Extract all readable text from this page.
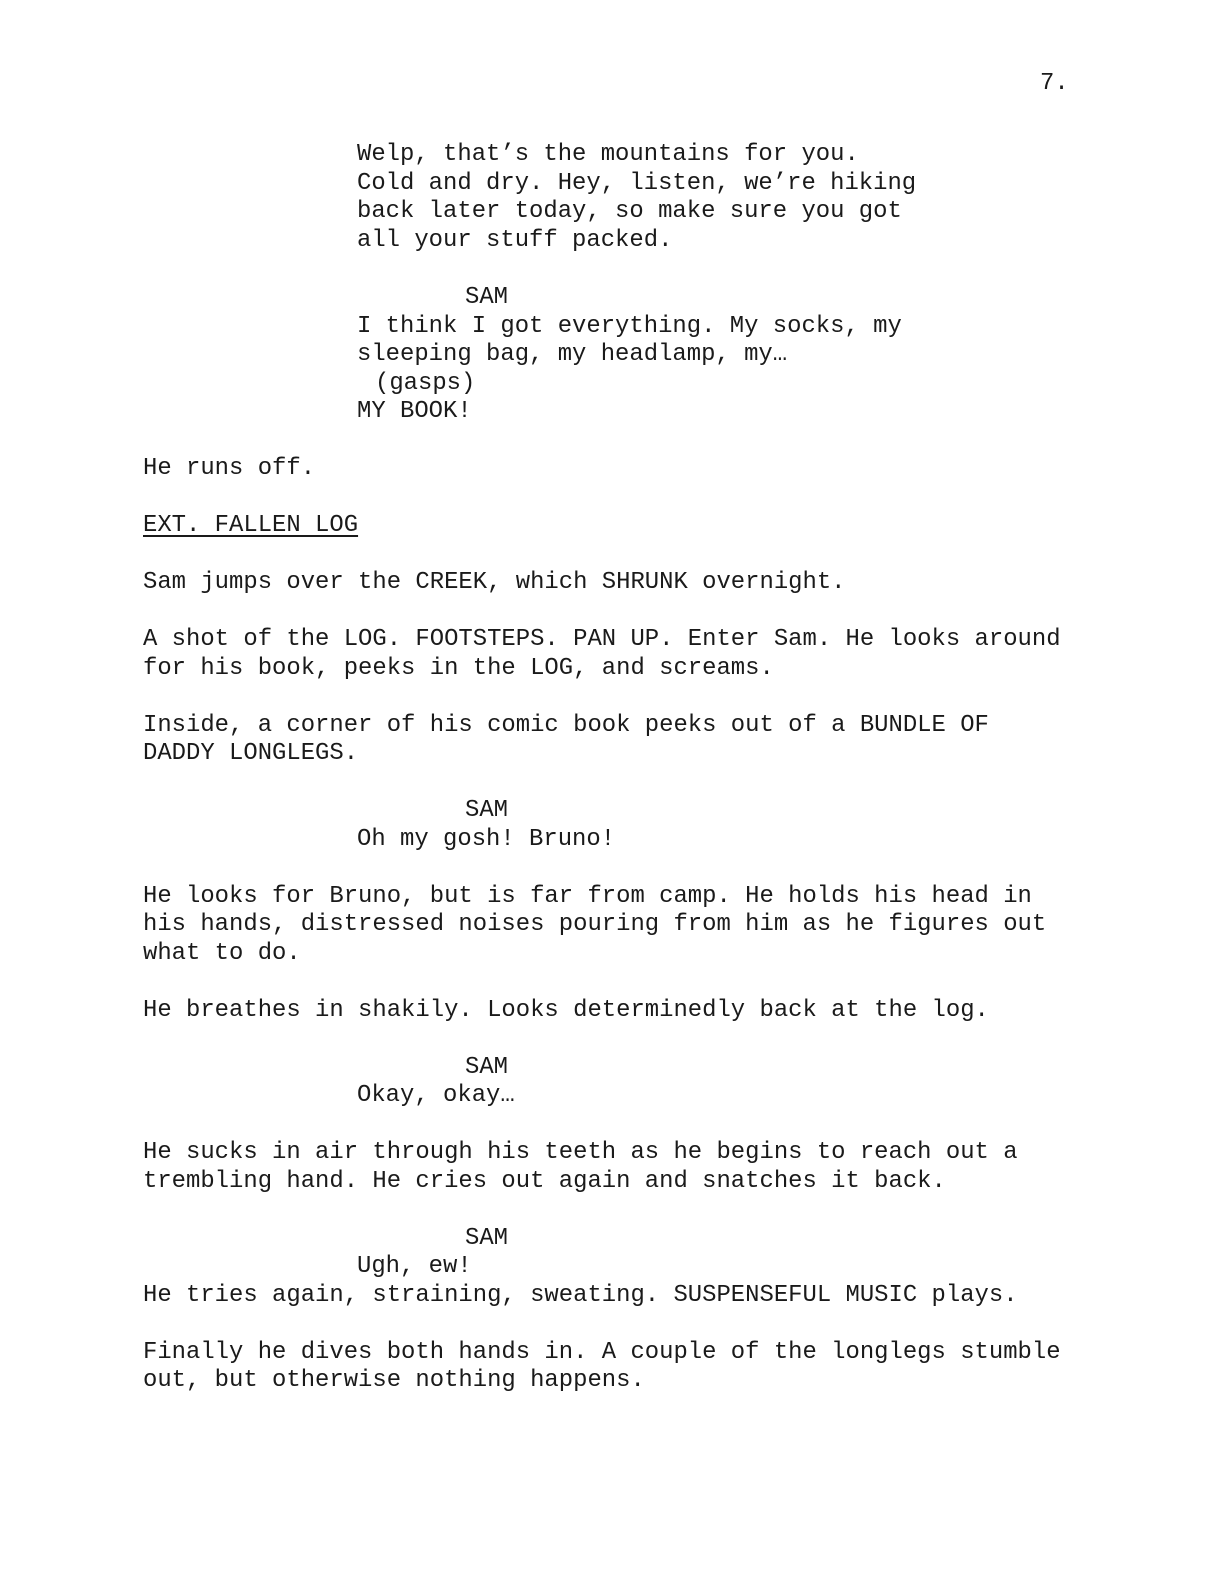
7.
Welp, that’s the mountains for you.
Cold and dry. Hey, listen, we’re hiking
back later today, so make sure you got
all your stuff packed.
SAM
I think I got everything. My socks, my
sleeping bag, my headlamp, my…
(gasps)
MY BOOK!
He runs off.
EXT. FALLEN LOG
Sam jumps over the CREEK, which SHRUNK overnight.
A shot of the LOG. FOOTSTEPS. PAN UP. Enter Sam. He looks around
for his book, peeks in the LOG, and screams.
Inside, a corner of his comic book peeks out of a BUNDLE OF
DADDY LONGLEGS.
SAM
Oh my gosh! Bruno!
He looks for Bruno, but is far from camp. He holds his head in
his hands, distressed noises pouring from him as he figures out
what to do.
He breathes in shakily. Looks determinedly back at the log.
SAM
Okay, okay…
He sucks in air through his teeth as he begins to reach out a
trembling hand. He cries out again and snatches it back.
SAM
Ugh, ew!
He tries again, straining, sweating. SUSPENSEFUL MUSIC plays.
Finally he dives both hands in. A couple of the longlegs stumble
out, but otherwise nothing happens.
